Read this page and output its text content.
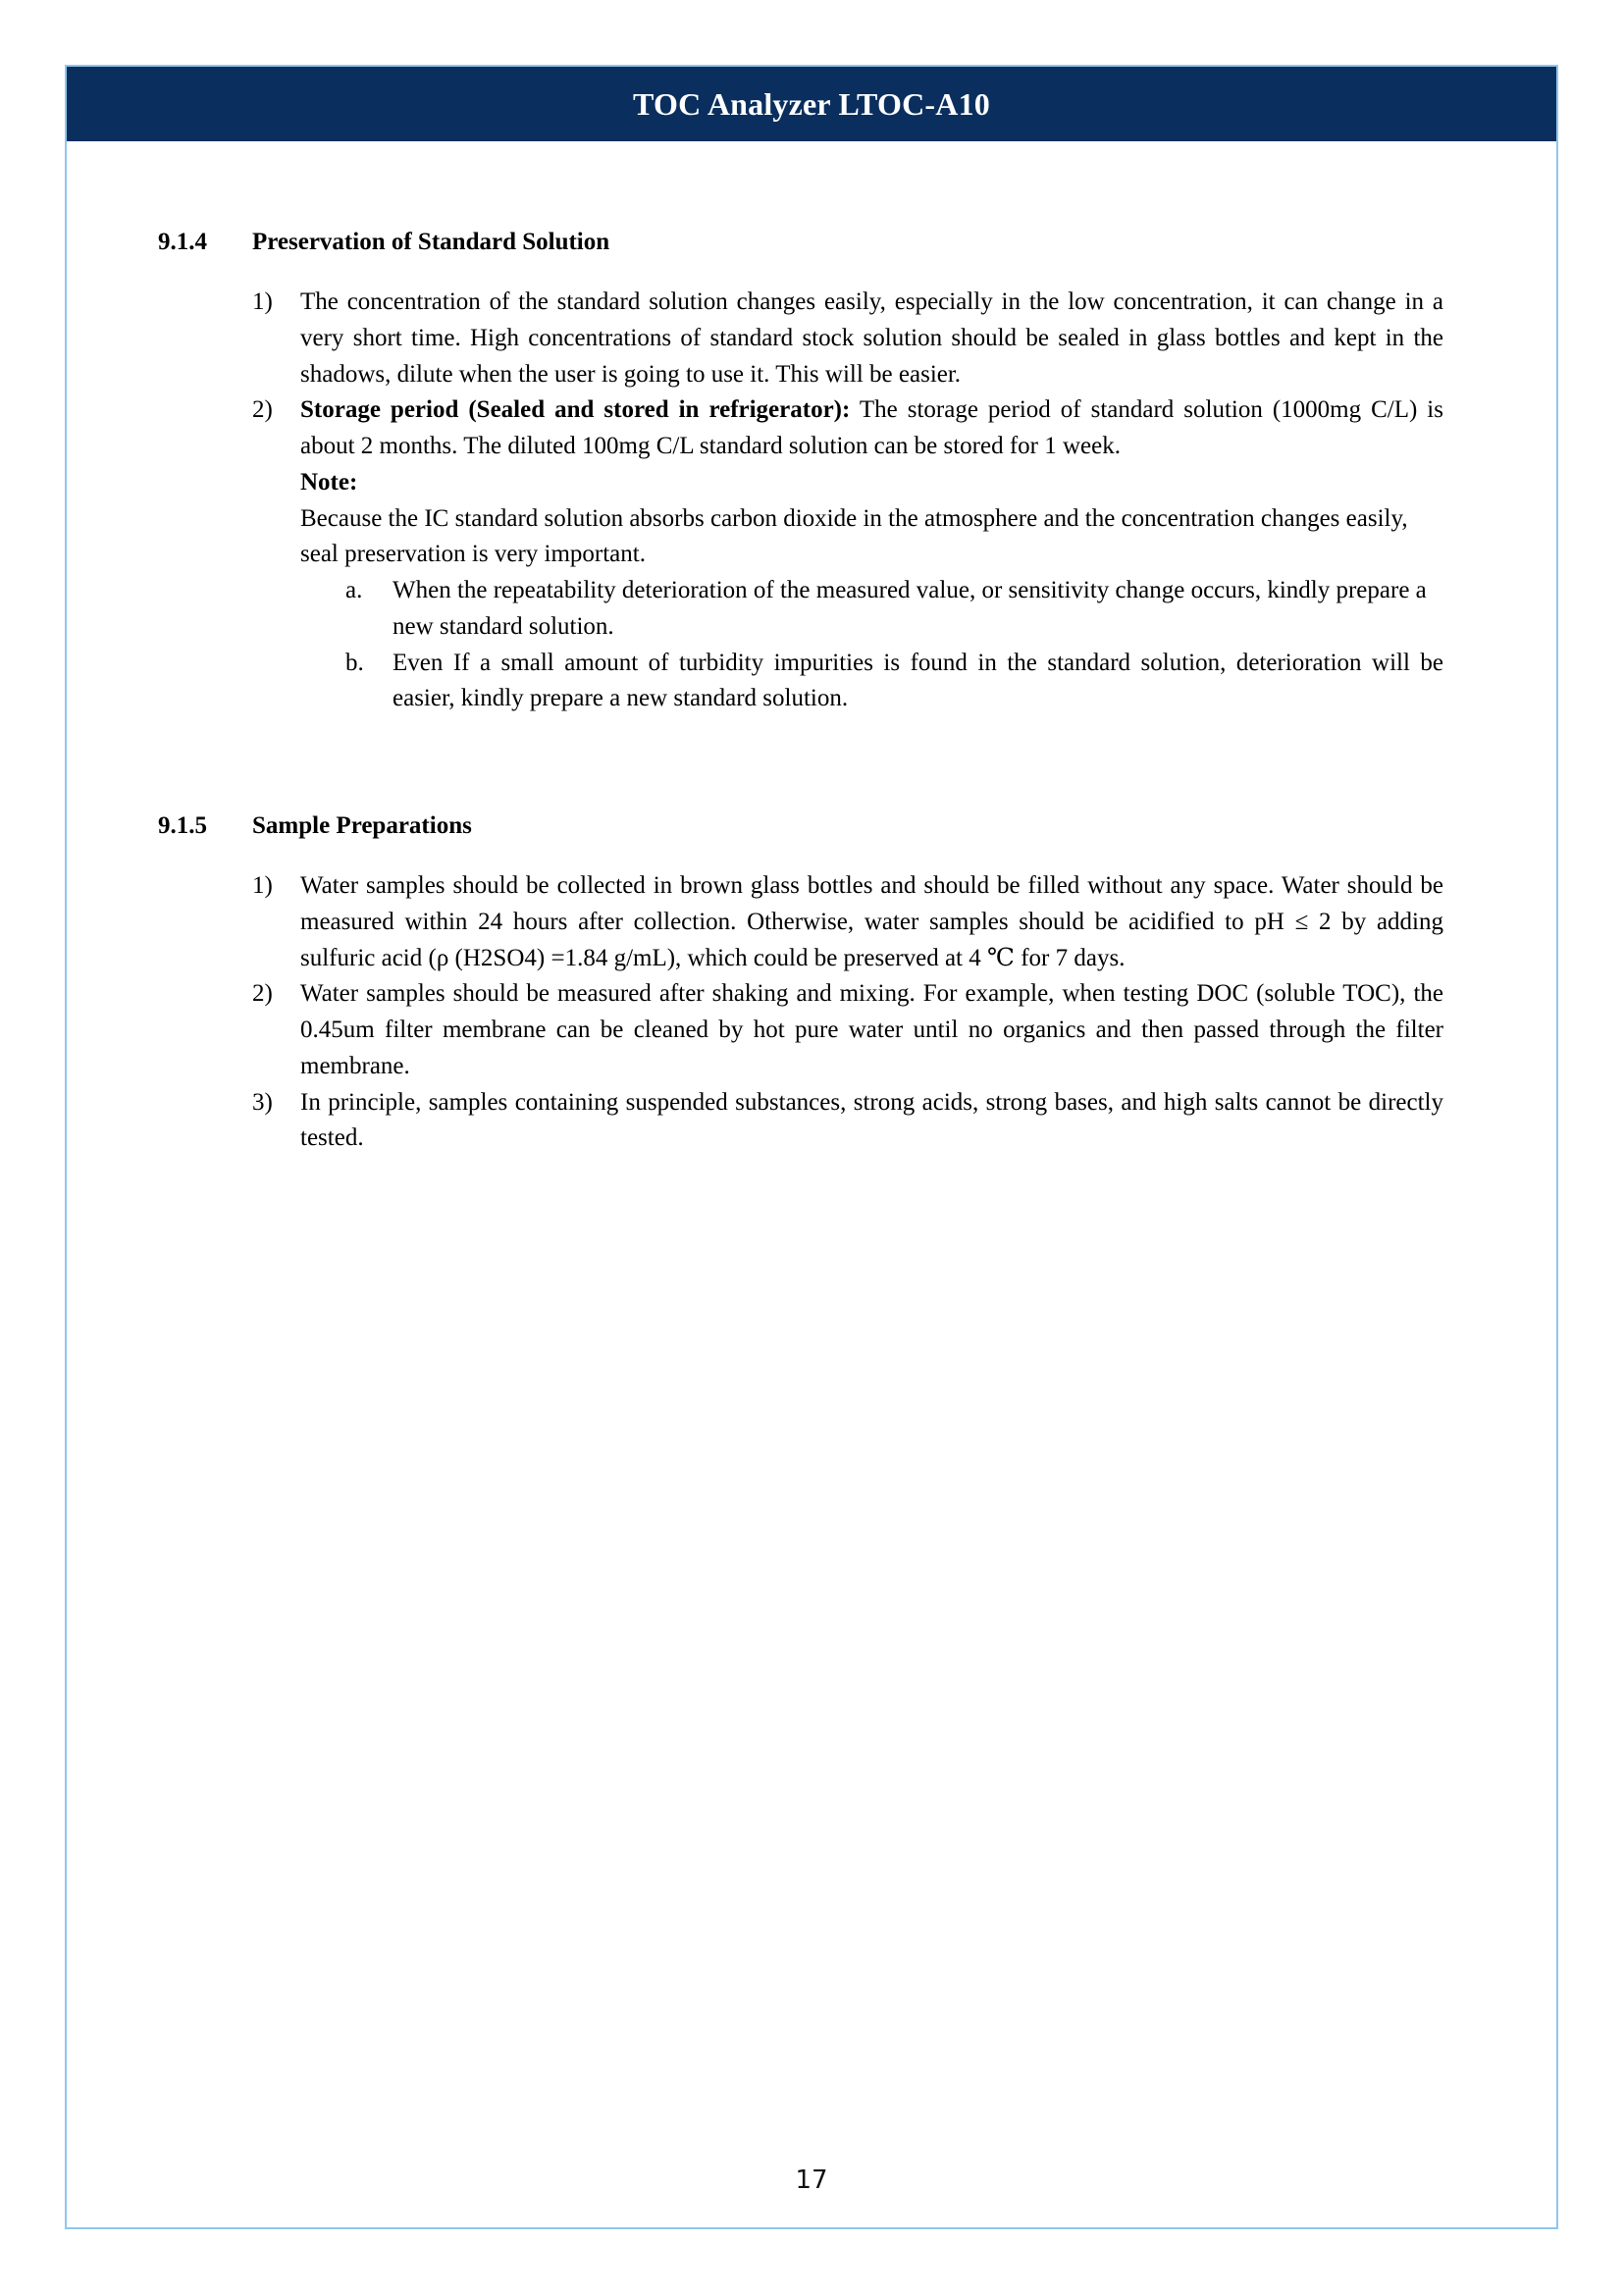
TOC Analyzer LTOC-A10
9.1.4	Preservation of Standard Solution
1)	The concentration of the standard solution changes easily, especially in the low concentration, it can change in a very short time. High concentrations of standard stock solution should be sealed in glass bottles and kept in the shadows, dilute when the user is going to use it. This will be easier.
2)	Storage period (Sealed and stored in refrigerator): The storage period of standard solution (1000mg C/L) is about 2 months. The diluted 100mg C/L standard solution can be stored for 1 week.
Note:
Because the IC standard solution absorbs carbon dioxide in the atmosphere and the concentration changes easily, seal preservation is very important.
a.	When the repeatability deterioration of the measured value, or sensitivity change occurs, kindly prepare a new standard solution.
b.	Even If a small amount of turbidity impurities is found in the standard solution, deterioration will be easier, kindly prepare a new standard solution.
9.1.5	Sample Preparations
1)	Water samples should be collected in brown glass bottles and should be filled without any space. Water should be measured within 24 hours after collection. Otherwise, water samples should be acidified to pH ≤ 2 by adding sulfuric acid (ρ (H2SO4) =1.84 g/mL), which could be preserved at 4 ℃ for 7 days.
2)	Water samples should be measured after shaking and mixing. For example, when testing DOC (soluble TOC), the 0.45um filter membrane can be cleaned by hot pure water until no organics and then passed through the filter membrane.
3)	In principle, samples containing suspended substances, strong acids, strong bases, and high salts cannot be directly tested.
17
